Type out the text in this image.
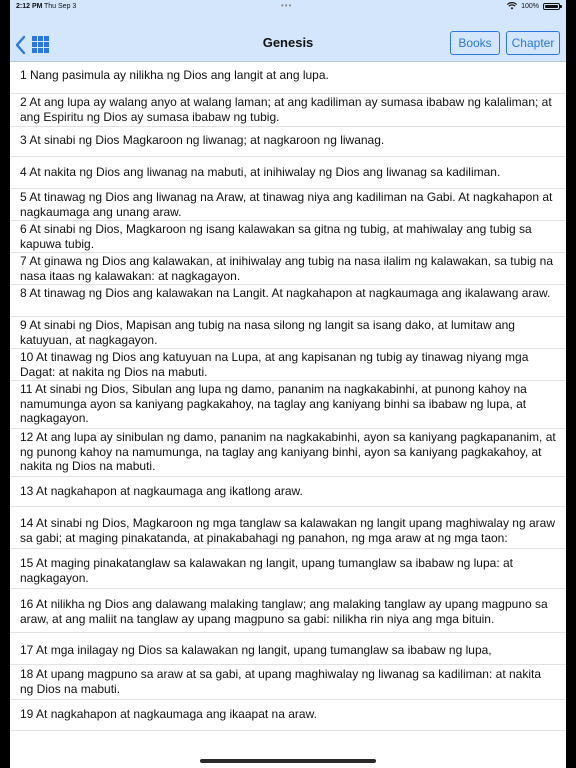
2:12 PM Thu Sep 3	•••	100%
Genesis	Books	Chapter
1 Nang pasimula ay nilikha ng Dios ang langit at ang lupa.
2 At ang lupa ay walang anyo at walang laman; at ang kadiliman ay sumasa ibabaw ng kalaliman; at ang Espiritu ng Dios ay sumasa ibabaw ng tubig.
3 At sinabi ng Dios Magkaroon ng liwanag; at nagkaroon ng liwanag.
4 At nakita ng Dios ang liwanag na mabuti, at inihiwalay ng Dios ang liwanag sa kadiliman.
5 At tinawag ng Dios ang liwanag na Araw, at tinawag niya ang kadiliman na Gabi. At nagkahapon at nagkaumaga ang unang araw.
6 At sinabi ng Dios, Magkaroon ng isang kalawakan sa gitna ng tubig, at mahiwalay ang tubig sa kapuwa tubig.
7 At ginawa ng Dios ang kalawakan, at inihiwalay ang tubig na nasa ilalim ng kalawakan, sa tubig na nasa itaas ng kalawakan: at nagkagayon.
8 At tinawag ng Dios ang kalawakan na Langit. At nagkahapon at nagkaumaga ang ikalawang araw.
9 At sinabi ng Dios, Mapisan ang tubig na nasa silong ng langit sa isang dako, at lumitaw ang katuyuan, at nagkagayon.
10 At tinawag ng Dios ang katuyuan na Lupa, at ang kapisanan ng tubig ay tinawag niyang mga Dagat: at nakita ng Dios na mabuti.
11 At sinabi ng Dios, Sibulan ang lupa ng damo, pananim na nagkakabinhi, at punong kahoy na namumunga ayon sa kaniyang pagkakahoy, na taglay ang kaniyang binhi sa ibabaw ng lupa, at nagkagayon.
12 At ang lupa ay sinibulan ng damo, pananim na nagkakabinhi, ayon sa kaniyang pagkapananim, at ng punong kahoy na namumunga, na taglay ang kaniyang binhi, ayon sa kaniyang pagkakahoy, at nakita ng Dios na mabuti.
13 At nagkahapon at nagkaumaga ang ikatlong araw.
14 At sinabi ng Dios, Magkaroon ng mga tanglaw sa kalawakan ng langit upang maghiwalay ng araw sa gabi; at maging pinakatanda, at pinakabahagi ng panahon, ng mga araw at ng mga taon:
15 At maging pinakatanglaw sa kalawakan ng langit, upang tumanglaw sa ibabaw ng lupa: at nagkagayon.
16 At nilikha ng Dios ang dalawang malaking tanglaw; ang malaking tanglaw ay upang magpuno sa araw, at ang maliit na tanglaw ay upang magpuno sa gabi: nilikha rin niya ang mga bituin.
17 At mga inilagay ng Dios sa kalawakan ng langit, upang tumanglaw sa ibabaw ng lupa,
18 At upang magpuno sa araw at sa gabi, at upang maghiwalay ng liwanag sa kadiliman: at nakita ng Dios na mabuti.
19 At nagkahapon at nagkaumaga ang ikaapat na araw.
